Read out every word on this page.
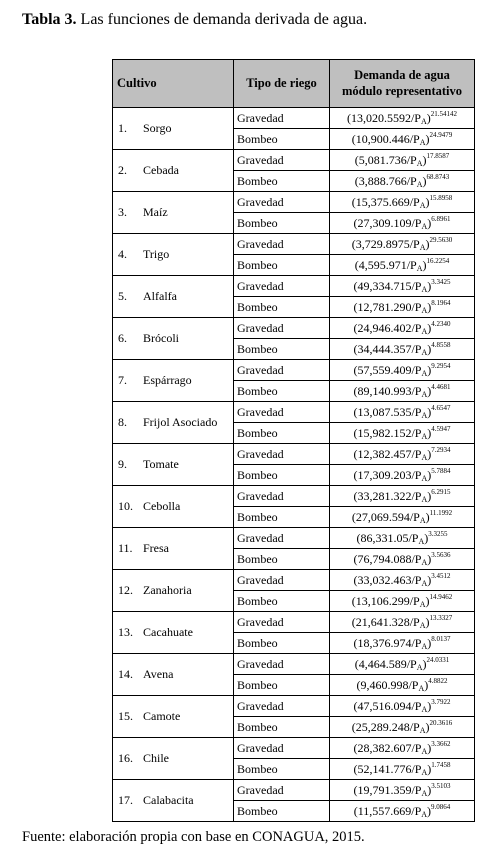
Tabla 3. Las funciones de demanda derivada de agua.
Cultivo	Tipo de riego	Demanda de agua
módulo representativo
1. Sorgo	Gravedad	$(13,020.5592/P_A)^{21.54142}$
	Bombeo	$(10,900.446/P_A)^{24.9479}$
2. Cebada	Gravedad	$(5,081.736/P_A)^{17.8587}$
	Bombeo	$(3,888.766/P_A)^{68.8743}$
3. Maíz	Gravedad	$(15,375.669/P_A)^{15.8958}$
	Bombeo	$(27,309.109/P_A)^{6.8961}$
4. Trigo	Gravedad	$(3,729.8975/P_A)^{29.5630}$
	Bombeo	$(4,595.971/P_A)^{16.2254}$
5. Alfalfa	Gravedad	$(49,334.715/P_A)^{3.3425}$
	Bombeo	$(12,781.290/P_A)^{8.1964}$
6. Brócoli	Gravedad	$(24,946.402/P_A)^{4.2340}$
	Bombeo	$(34,444.357/P_A)^{4.8558}$
7. Espárrago	Gravedad	$(57,559.409/P_A)^{9.2954}$
	Bombeo	$(89,140.993/P_A)^{4.4681}$
8. Frijol Asociado	Gravedad	$(13,087.535/P_A)^{4.6547}$
	Bombeo	$(15,982.152/P_A)^{4.5947}$
9. Tomate	Gravedad	$(12,382.457/P_A)^{7.2934}$
	Bombeo	$(17,309.203/P_A)^{5.7884}$
10. Cebolla	Gravedad	$(33,281.322/P_A)^{6.2915}$
	Bombeo	$(27,069.594/P_A)^{11.1992}$
11. Fresa	Gravedad	$(86,331.05/P_A)^{3.3255}$
	Bombeo	$(76,794.088/P_A)^{3.5636}$
12. Zanahoria	Gravedad	$(33,032.463/P_A)^{3.4512}$
	Bombeo	$(13,106.299/P_A)^{14.9462}$
13. Cacahuate	Gravedad	$(21,641.328/P_A)^{13.3327}$
	Bombeo	$(18,376.974/P_A)^{8.0137}$
14. Avena	Gravedad	$(4,464.589/P_A)^{24.0331}$
	Bombeo	$(9,460.998/P_A)^{4.8822}$
15. Camote	Gravedad	$(47,516.094/P_A)^{3.7922}$
	Bombeo	$(25,289.248/P_A)^{20.3616}$
16. Chile	Gravedad	$(28,382.607/P_A)^{3.3662}$
	Bombeo	$(52,141.776/P_A)^{1.7458}$
17. Calabacita	Gravedad	$(19,791.359/P_A)^{3.5103}$
	Bombeo	$(11,557.669/P_A)^{9.0864}$
Fuente: elaboración propia con base en CONAGUA, 2015.
